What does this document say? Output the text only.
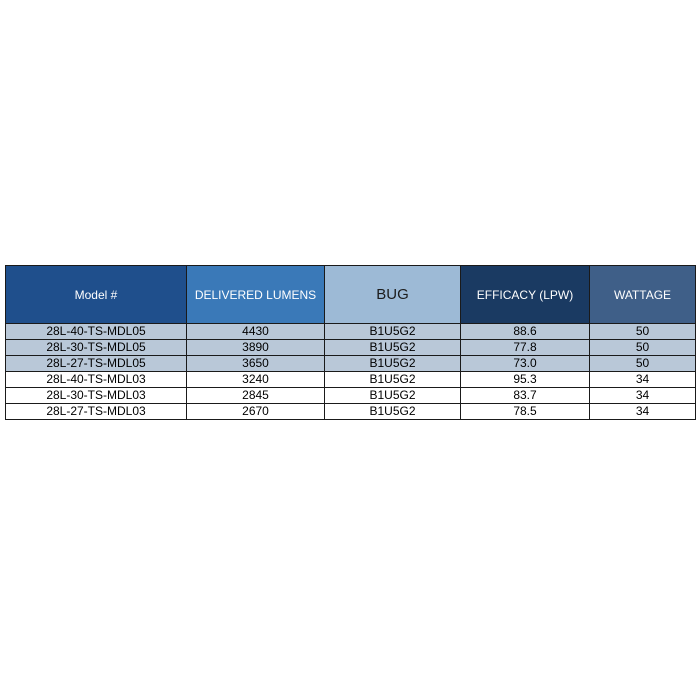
Model #	DELIVERED LUMENS	BUG	EFFICACY (LPW)	WATTAGE
28L-40-TS-MDL05	4430	B1U5G2	88.6	50
28L-30-TS-MDL05	3890	B1U5G2	77.8	50
28L-27-TS-MDL05	3650	B1U5G2	73.0	50
28L-40-TS-MDL03	3240	B1U5G2	95.3	34
28L-30-TS-MDL03	2845	B1U5G2	83.7	34
28L-27-TS-MDL03	2670	B1U5G2	78.5	34
